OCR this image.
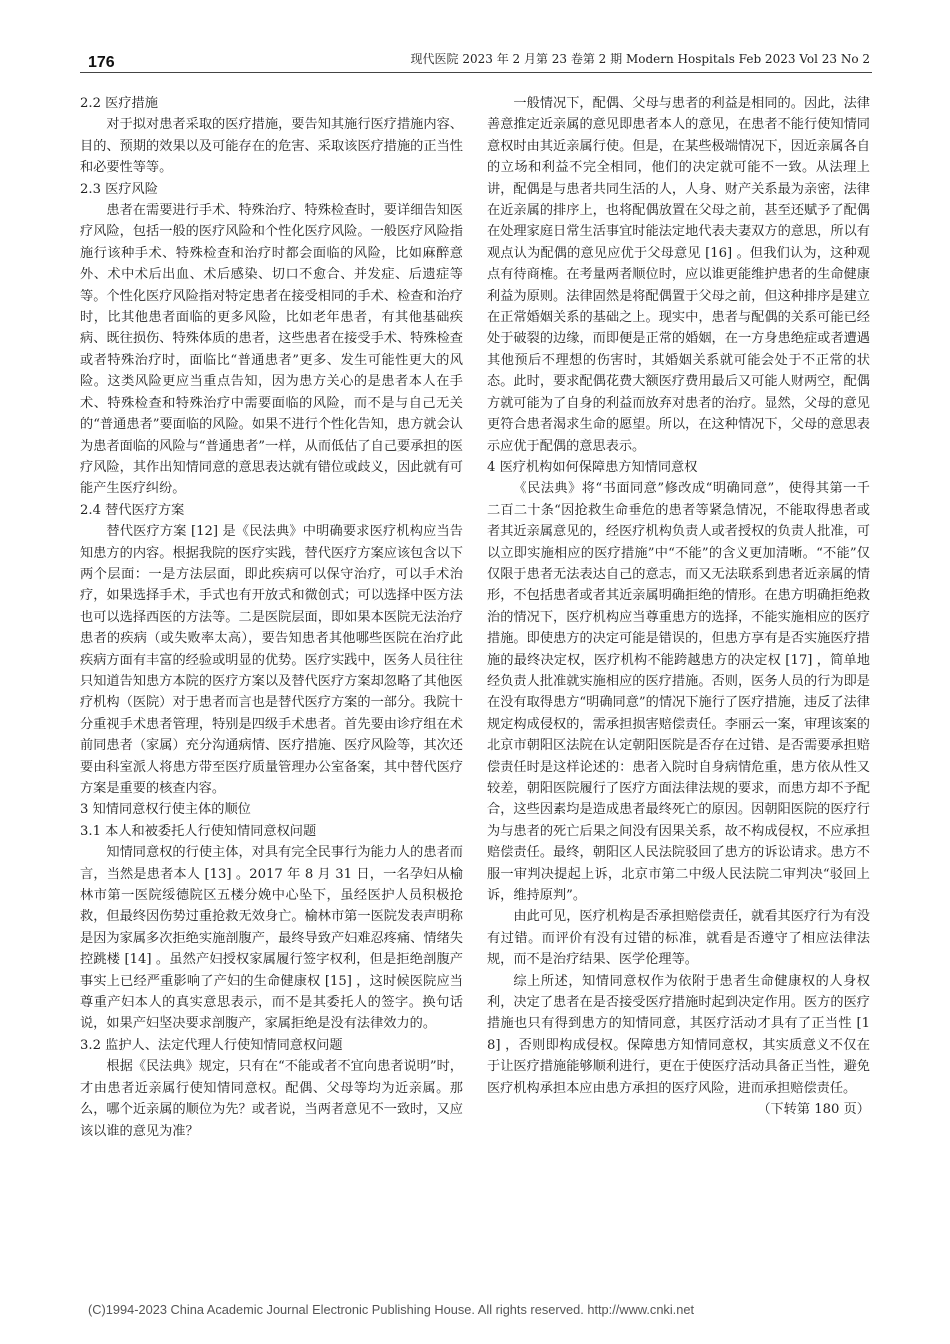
176	现代医院 2023 年 2 月第 23 卷第 2 期 Modern Hospitals Feb 2023 Vol 23 No 2

2.2 医疗措施

对于拟对患者采取的医疗措施，要告知其施行医疗措施内容、目的、预期的效果以及可能存在的危害、采取该医疗措施的正当性和必要性等等。

2.3 医疗风险

患者在需要进行手术、特殊治疗、特殊检查时，要详细告知医疗风险，包括一般的医疗风险和个性化医疗风险。一般医疗风险指施行该种手术、特殊检查和治疗时都会面临的风险，比如麻醉意外、术中术后出血、术后感染、切口不愈合、并发症、后遗症等等。个性化医疗风险指对特定患者在接受相同的手术、检查和治疗时，比其他患者面临的更多风险，比如老年患者，有其他基础疾病、既往损伤、特殊体质的患者，这些患者在接受手术、特殊检查或者特殊治疗时，面临比“普通患者”更多、发生可能性更大的风险。这类风险更应当重点告知，因为患方关心的是患者本人在手术、特殊检查和特殊治疗中需要面临的风险，而不是与自己无关的“普通患者”要面临的风险。如果不进行个性化告知，患方就会认为患者面临的风险与“普通患者”一样，从而低估了自己要承担的医疗风险，其作出知情同意的意思表达就有错位或歧义，因此就有可能产生医疗纠纷。

2.4 替代医疗方案

替代医疗方案 [12] 是《民法典》中明确要求医疗机构应当告知患方的内容。根据我院的医疗实践，替代医疗方案应该包含以下两个层面：一是方法层面，即此疾病可以保守治疗，可以手术治疗，如果选择手术，手式也有开放式和微创式；可以选择中医方法也可以选择西医的方法等。二是医院层面，即如果本医院无法治疗患者的疾病（或失败率太高），要告知患者其他哪些医院在治疗此疾病方面有丰富的经验或明显的优势。医疗实践中，医务人员往往只知道告知患方本院的医疗方案以及替代医疗方案却忽略了其他医疗机构（医院）对于患者而言也是替代医疗方案的一部分。我院十分重视手术患者管理，特别是四级手术患者。首先要由诊疗组在术前同患者（家属）充分沟通病情、医疗措施、医疗风险等，其次还要由科室派人将患方带至医疗质量管理办公室备案，其中替代医疗方案是重要的核查内容。

3 知情同意权行使主体的顺位

3.1 本人和被委托人行使知情同意权问题

知情同意权的行使主体，对具有完全民事行为能力人的患者而言，当然是患者本人 [13] 。2017 年 8 月 31 日，一名孕妇从榆林市第一医院绥德院区五楼分娩中心坠下，虽经医护人员积极抢救，但最终因伤势过重抢救无效身亡。榆林市第一医院发表声明称是因为家属多次拒绝实施剖腹产，最终导致产妇难忍疼痛、情绪失控跳楼 [14] 。虽然产妇授权家属履行签字权利，但是拒绝剖腹产事实上已经严重影响了产妇的生命健康权 [15] ，这时候医院应当尊重产妇本人的真实意思表示，而不是其委托人的签字。换句话说，如果产妇坚决要求剖腹产，家属拒绝是没有法律效力的。

3.2 监护人、法定代理人行使知情同意权问题

根据《民法典》规定，只有在“不能或者不宜向患者说明”时，才由患者近亲属行使知情同意权。配偶、父母等均为近亲属。那么，哪个近亲属的顺位为先？或者说，当两者意见不一致时，又应该以谁的意见为准？

一般情况下，配偶、父母与患者的利益是相同的。因此，法律善意推定近亲属的意见即患者本人的意见，在患者不能行使知情同意权时由其近亲属行使。但是，在某些极端情况下，因近亲属各自的立场和利益不完全相同，他们的决定就可能不一致。从法理上讲，配偶是与患者共同生活的人，人身、财产关系最为亲密，法律在近亲属的排序上，也将配偶放置在父母之前，甚至还赋予了配偶在处理家庭日常生活事宜时能法定地代表夫妻双方的意思，所以有观点认为配偶的意见应优于父母意见 [16] 。但我们认为，这种观点有待商榷。在考量两者顺位时，应以谁更能维护患者的生命健康利益为原则。法律固然是将配偶置于父母之前，但这种排序是建立在正常婚姻关系的基础之上。现实中，患者与配偶的关系可能已经处于破裂的边缘，而即便是正常的婚姻，在一方身患绝症或者遭遇其他预后不理想的伤害时，其婚姻关系就可能会处于不正常的状态。此时，要求配偶花费大额医疗费用最后又可能人财两空，配偶方就可能为了自身的利益而放弃对患者的治疗。显然，父母的意见更符合患者渴求生命的愿望。所以，在这种情况下，父母的意思表示应优于配偶的意思表示。

4 医疗机构如何保障患方知情同意权

《民法典》将“书面同意”修改成“明确同意”，使得其第一千二百二十条“因抢救生命垂危的患者等紧急情况，不能取得患者或者其近亲属意见的，经医疗机构负责人或者授权的负责人批准，可以立即实施相应的医疗措施”中“不能”的含义更加清晰。“不能”仅仅限于患者无法表达自己的意志，而又无法联系到患者近亲属的情形，不包括患者或者其近亲属明确拒绝的情形。在患方明确拒绝救治的情况下，医疗机构应当尊重患方的选择，不能实施相应的医疗措施。即使患方的决定可能是错误的，但患方享有是否实施医疗措施的最终决定权，医疗机构不能跨越患方的决定权 [17] ，简单地经负责人批准就实施相应的医疗措施。否则，医务人员的行为即是在没有取得患方“明确同意”的情况下施行了医疗措施，违反了法律规定构成侵权的，需承担损害赔偿责任。李丽云一案，审理该案的北京市朝阳区法院在认定朝阳医院是否存在过错、是否需要承担赔偿责任时是这样论述的：患者入院时自身病情危重，患方依从性又较差，朝阳医院履行了医疗方面法律法规的要求，而患方却不予配合，这些因素均是造成患者最终死亡的原因。因朝阳医院的医疗行为与患者的死亡后果之间没有因果关系，故不构成侵权，不应承担赔偿责任。最终，朝阳区人民法院驳回了患方的诉讼请求。患方不服一审判决提起上诉，北京市第二中级人民法院二审判决“驳回上诉，维持原判”。

由此可见，医疗机构是否承担赔偿责任，就看其医疗行为有没有过错。而评价有没有过错的标准，就看是否遵守了相应法律法规，而不是治疗结果、医学伦理等。

综上所述，知情同意权作为依附于患者生命健康权的人身权利，决定了患者在是否接受医疗措施时起到决定作用。医方的医疗措施也只有得到患方的知情同意，其医疗活动才具有了正当性 [18] ，否则即构成侵权。保障患方知情同意权，其实质意义不仅在于让医疗措施能够顺利进行，更在于使医疗活动具备正当性，避免医疗机构承担本应由患方承担的医疗风险，进而承担赔偿责任。

（下转第 180 页）

(C)1994-2023 China Academic Journal Electronic Publishing House. All rights reserved. http://www.cnki.net
